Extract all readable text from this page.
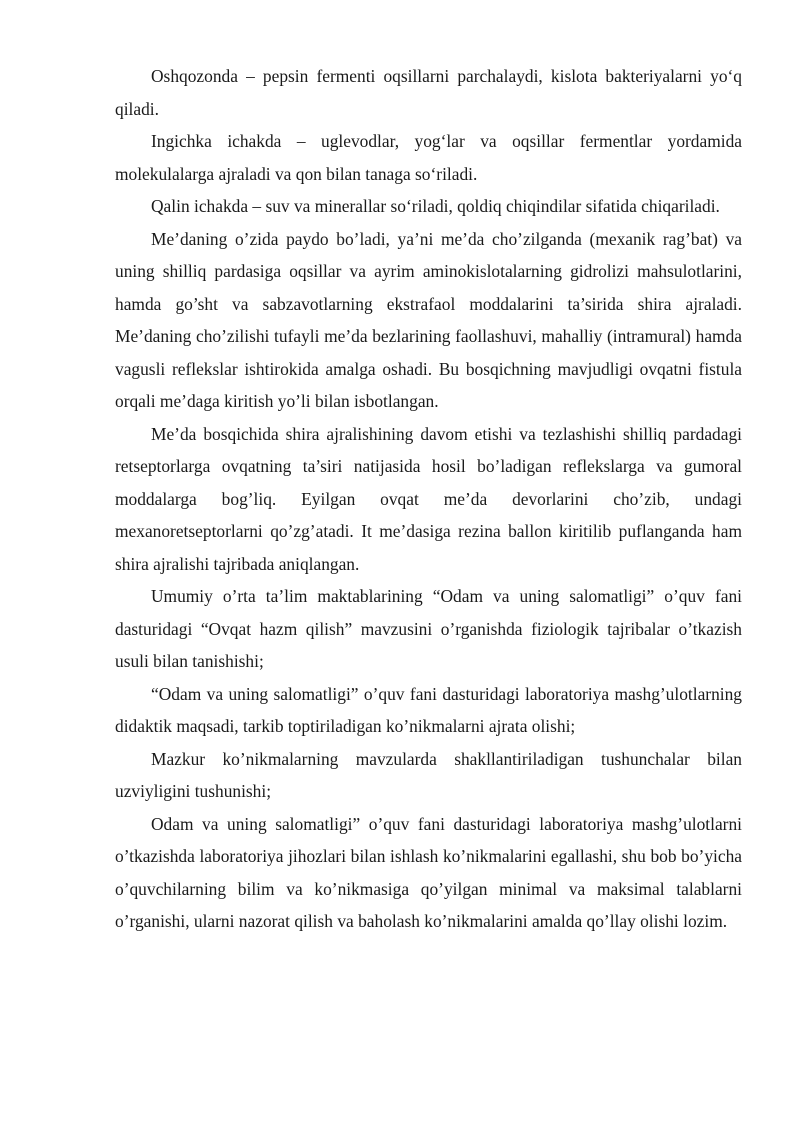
Oshqozonda – pepsin fermenti oqsillarni parchalaydi, kislota bakteriyalarni yo‘q qiladi.

Ingichka ichakda – uglevodlar, yog‘lar va oqsillar fermentlar yordamida molekulalarga ajraladi va qon bilan tanaga so‘riladi.

Qalin ichakda – suv va minerallar so‘riladi, qoldiq chiqindilar sifatida chiqariladi.

Me’daning o’zida paydo bo’ladi, ya’ni me’da cho’zilganda (mexanik rag’bat) va uning shilliq pardasiga oqsillar va ayrim aminokislotalarning gidrolizi mahsulotlarini, hamda go’sht va sabzavotlarning ekstrafaol moddalarini ta’sirida shira ajraladi. Me’daning cho’zilishi tufayli me’da bezlarining faollashuvi, mahalliy (intramural) hamda vagusli reflekslar ishtirokida amalga oshadi. Bu bosqichning mavjudligi ovqatni fistula orqali me’daga kiritish yo’li bilan isbotlangan.

Me’da bosqichida shira ajralishining davom etishi va tezlashishi shilliq pardadagi retseptorlarga ovqatning ta’siri natijasida hosil bo’ladigan reflekslarga va gumoral moddalarga bog’liq. Eyilgan ovqat me’da devorlarini cho’zib, undagi mexanoretseptorlarni qo’zg’atadi. It me’dasiga rezina ballon kiritilib puflanganda ham shira ajralishi tajribada aniqlangan.

Umumiy o’rta ta’lim maktablarining “Odam va uning salomatligi” o’quv fani dasturidagi “Ovqat hazm qilish” mavzusini o’rganishda fiziologik tajribalar o’tkazish usuli bilan tanishishi;

“Odam va uning salomatligi” o’quv fani dasturidagi laboratoriya mashg’ulotlarning didaktik maqsadi, tarkib toptiriladigan ko’nikmalarni ajrata olishi;

Mazkur ko’nikmalarning mavzularda shakllantiriladigan tushunchalar bilan uzviyligini tushunishi;

Odam va uning salomatligi” o’quv fani dasturidagi laboratoriya mashg’ulotlarni o’tkazishda laboratoriya jihozlari bilan ishlash ko’nikmalarini egallashi, shu bob bo’yicha o’quvchilarning bilim va ko’nikmasiga qo’yilgan minimal va maksimal talablarni o’rganishi, ularni nazorat qilish va baholash ko’nikmalarini amalda qo’llay olishi lozim.
